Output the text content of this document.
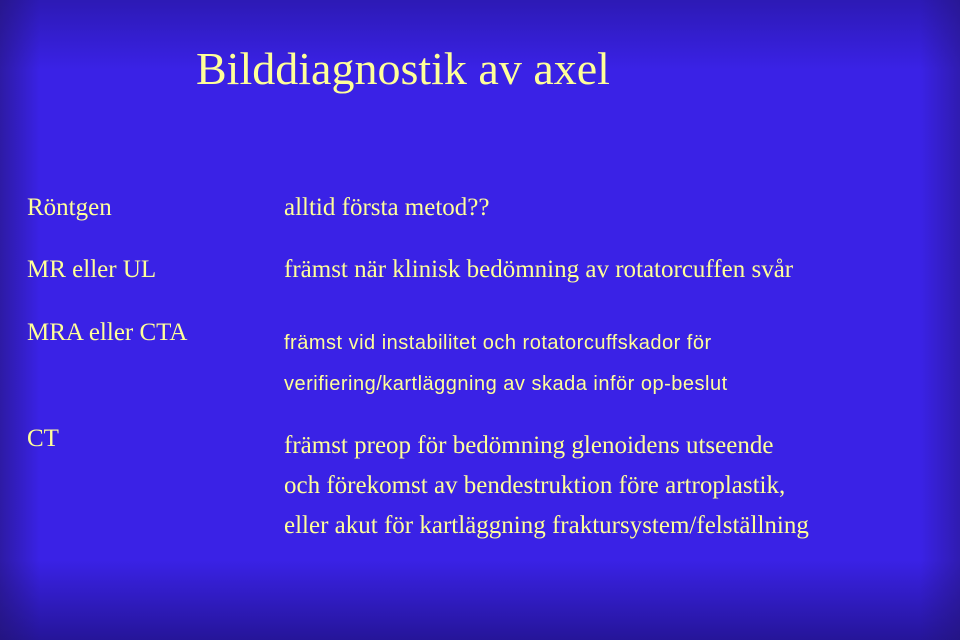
Bilddiagnostik av axel
Röntgen	alltid första metod??
MR eller UL	främst när klinisk bedömning av rotatorcuffen svår
MRA eller CTA	främst vid instabilitet och rotatorcuffskador för
verifiering/kartläggning av skada inför op-beslut
CT	främst preop för bedömning glenoidens utseende
och förekomst av bendestruktion före artroplastik,
eller akut för kartläggning fraktursystem/felställning
